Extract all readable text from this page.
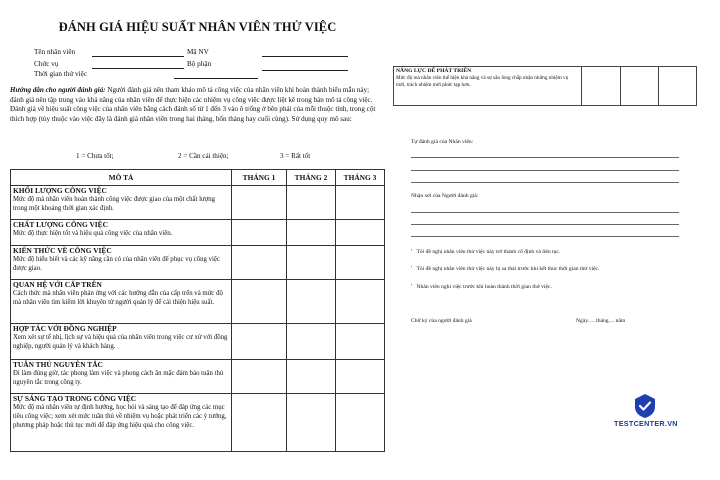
ĐÁNH GIÁ HIỆU SUẤT NHÂN VIÊN THỬ VIỆC
Tên nhân viên	Mã NV
Chức vụ	Bộ phận
Thời gian thử việc
Hướng dẫn cho người đánh giá: Người đánh giá nên tham khảo mô tả công việc của nhân viên khi hoàn thành biểu mẫu này; đánh giá nên tập trung vào khả năng của nhân viên để thực hiện các nhiệm vụ công việc được liệt kê trong bản mô tả công việc.
Đánh giá về hiệu suất công việc của nhân viên bằng cách đánh số từ 1 đến 3 vào ô trống ở bên phải của mỗi thuộc tính, trong cột thích hợp (tùy thuộc vào việc đây là đánh giá nhân viên trong hai tháng, bốn tháng hay cuối cùng). Sử dụng quy mô sau:
1 = Chưa tốt;	2 = Cần cải thiện;	3 = Rất tốt
MÔ TẢ	THÁNG 1	THÁNG 2	THÁNG 3

KHỐI LƯỢNG CÔNG VIỆC
Mức độ mà nhân viên hoàn thành công việc được giao của một chất lượng trong một khoảng thời gian xác định.			

CHẤT LƯỢNG CÔNG VIỆC
Mức độ thực hiện tốt và hiệu quả công việc của nhân viên.			

KIẾN THỨC VỀ CÔNG VIỆC
Mức độ hiểu biết và các kỹ năng cần có của nhân viên để phục vụ công việc được giao.			

QUAN HỆ VỚI CẤP TRÊN
Cách thức mà nhân viên phản ứng với các hướng dẫn của cấp trên và mức độ mà nhân viên tìm kiếm lời khuyên từ người quản lý để cải thiện hiệu suất.			

HỢP TÁC VỚI ĐỒNG NGHIỆP
Xem xét sự tế nhị, lịch sự và hiệu quả của nhân viên trong việc cư xử với đồng nghiệp, người quản lý và khách hàng.			

TUÂN THỦ NGUYÊN TẮC
Đi làm đúng giờ, tác phong làm việc và phong cách ăn mặc đảm bảo tuân thủ nguyên tắc trong công ty.			

SỰ SÁNG TẠO TRONG CÔNG VIỆC
Mức độ mà nhân viên tự định hướng, học hỏi và sáng tạo để đáp ứng các mục tiêu công việc; xem xét mức tuân thủ về nhiệm vụ hoặc phát triển các ý tưởng, phương pháp hoặc thủ tục mới để đáp ứng hiệu quả cho công việc.			

NĂNG LỰC ĐỂ PHÁT TRIỂN
Mức độ mà nhân viên thể hiện khả năng và sự sẵn lòng chấp nhận những nhiệm vụ mới, trách nhiệm mới phức tạp hơn.

Tự đánh giá của Nhân viên:
Nhận xét của Người đánh giá:
′ Tôi đề nghị nhân viên thử việc này trở thành cố định và liên tục.
′ Tôi đề nghị nhân viên thử việc này bị sa thải trước khi kết thúc thời gian thử việc.
′ Nhân viên nghỉ việc trước khi hoàn thành thời gian thử việc.
Chữ ký của người đánh giá	Ngày..... tháng.... năm
TESTCENTER.VN
